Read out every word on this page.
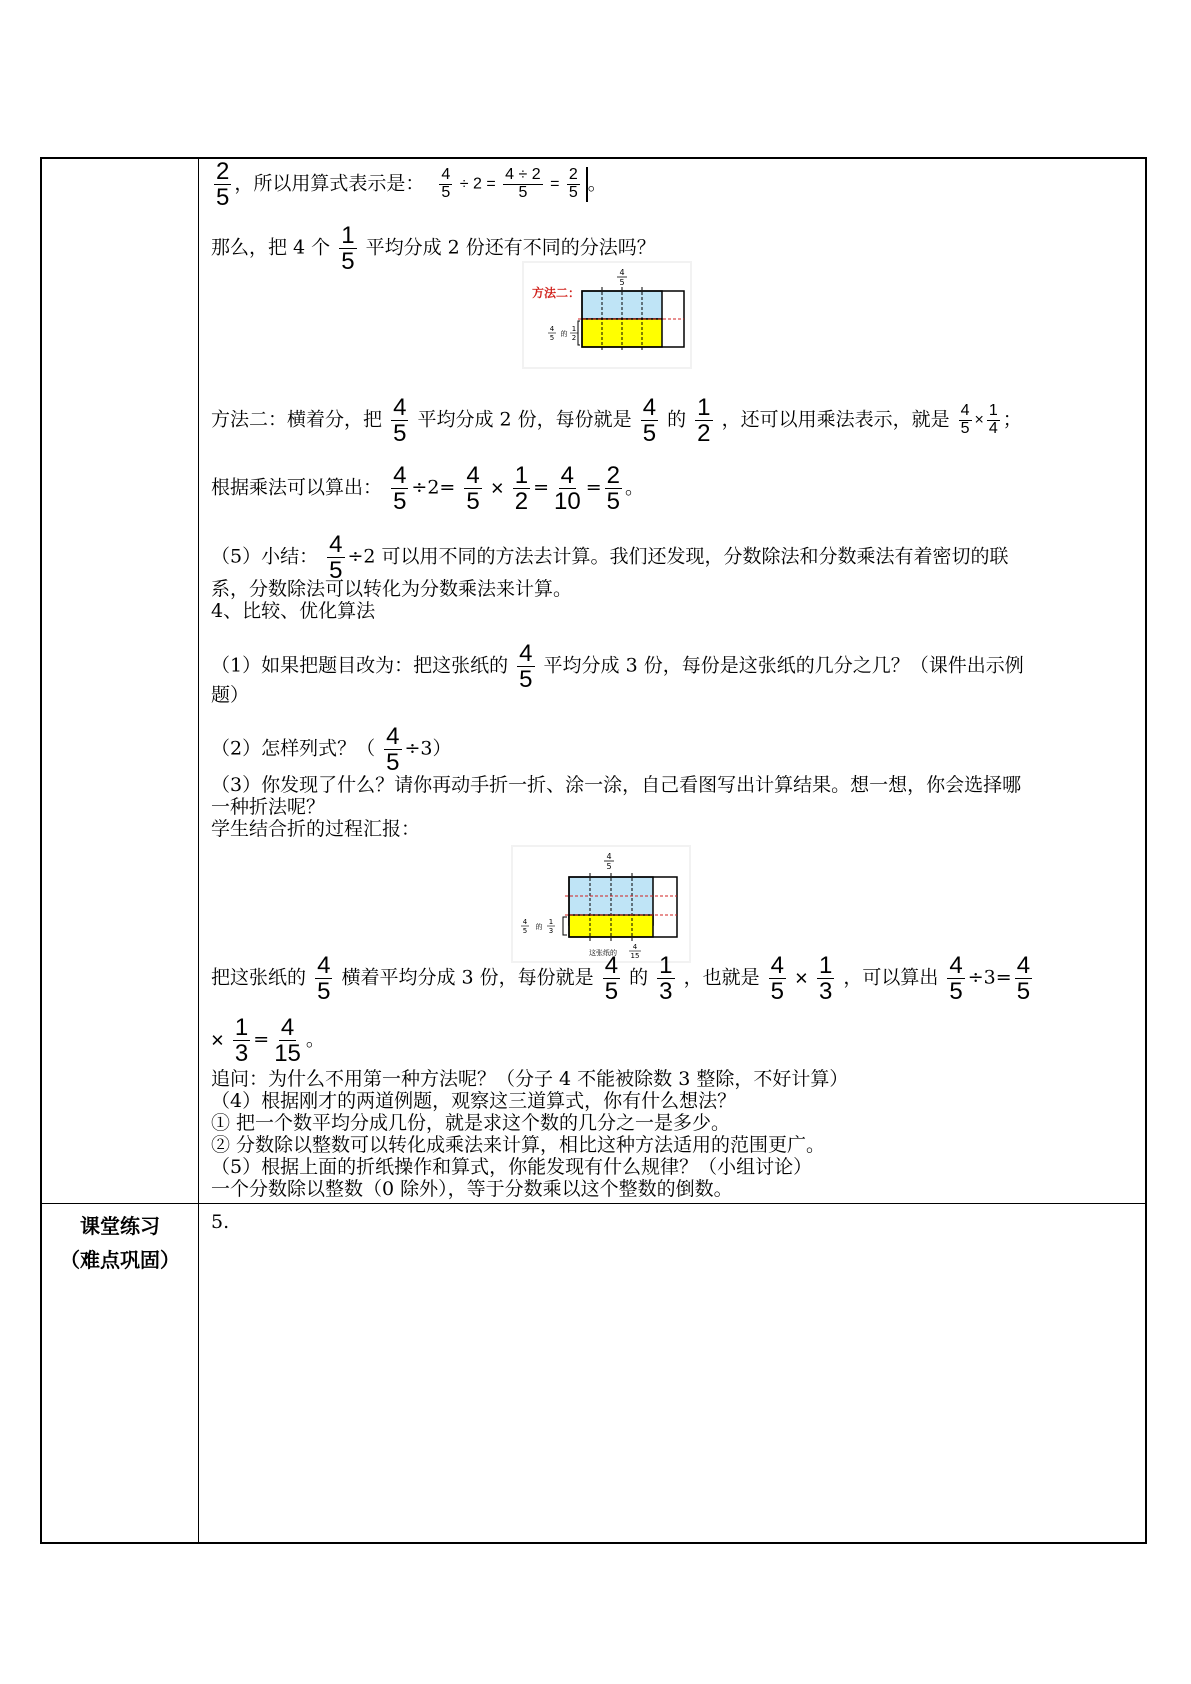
课堂练习
（难点巩固）
5.
$\frac{2}{5}$ ，所以用算式表示是： $\frac{4}{5} \div 2 = \frac{4 \div 2}{5} = \frac{2}{5}$ 。
那么，把 4 个 $\frac{1}{5}$ 平均分成 2 份还有不同的分法吗？
方法二：
4
5
4
5 的
1
2
方法二：横着分，把 $\frac{4}{5}$ 平均分成 2 份，每份就是 $\frac{4}{5}$ 的 $\frac{1}{2}$ ，还可以用乘法表示，就是 $\frac{4}{5} \times \frac{1}{4}$ ；
根据乘法可以算出： $\frac{4}{5} \div 2= \frac{4}{5} \times \frac{1}{2} = \frac{4}{10} = \frac{2}{5}$ 。
（5）小结： $\frac{4}{5} \div 2$ 可以用不同的方法去计算。我们还发现，分数除法和分数乘法有着密切的联
系，分数除法可以转化为分数乘法来计算。
4、比较、优化算法
（1）如果把题目改为：把这张纸的 $\frac{4}{5}$ 平均分成 3 份，每份是这张纸的几分之几？（课件出示例
题）
（2）怎样列式？（ $\frac{4}{5} \div 3$）
（3）你发现了什么？请你再动手折一折、涂一涂，自己看图写出计算结果。想一想，你会选择哪
一种折法呢？
学生结合折的过程汇报：
4
5
4
5 的
1
3
这张纸的
4
15
把这张纸的 $\frac{4}{5}$ 横着平均分成 3 份，每份就是 $\frac{4}{5}$ 的 $\frac{1}{3}$ ，也就是 $\frac{4}{5} \times \frac{1}{3}$ ，可以算出 $\frac{4}{5} \div 3= \frac{4}{5}$
× $\frac{1}{3} = \frac{4}{15}$ 。
追问：为什么不用第一种方法呢？（分子 4 不能被除数 3 整除，不好计算）
（4）根据刚才的两道例题，观察这三道算式，你有什么想法？
① 把一个数平均分成几份，就是求这个数的几分之一是多少。
② 分数除以整数可以转化成乘法来计算，相比这种方法适用的范围更广。
（5）根据上面的折纸操作和算式，你能发现有什么规律？（小组讨论）
一个分数除以整数（0 除外），等于分数乘以这个整数的倒数。
